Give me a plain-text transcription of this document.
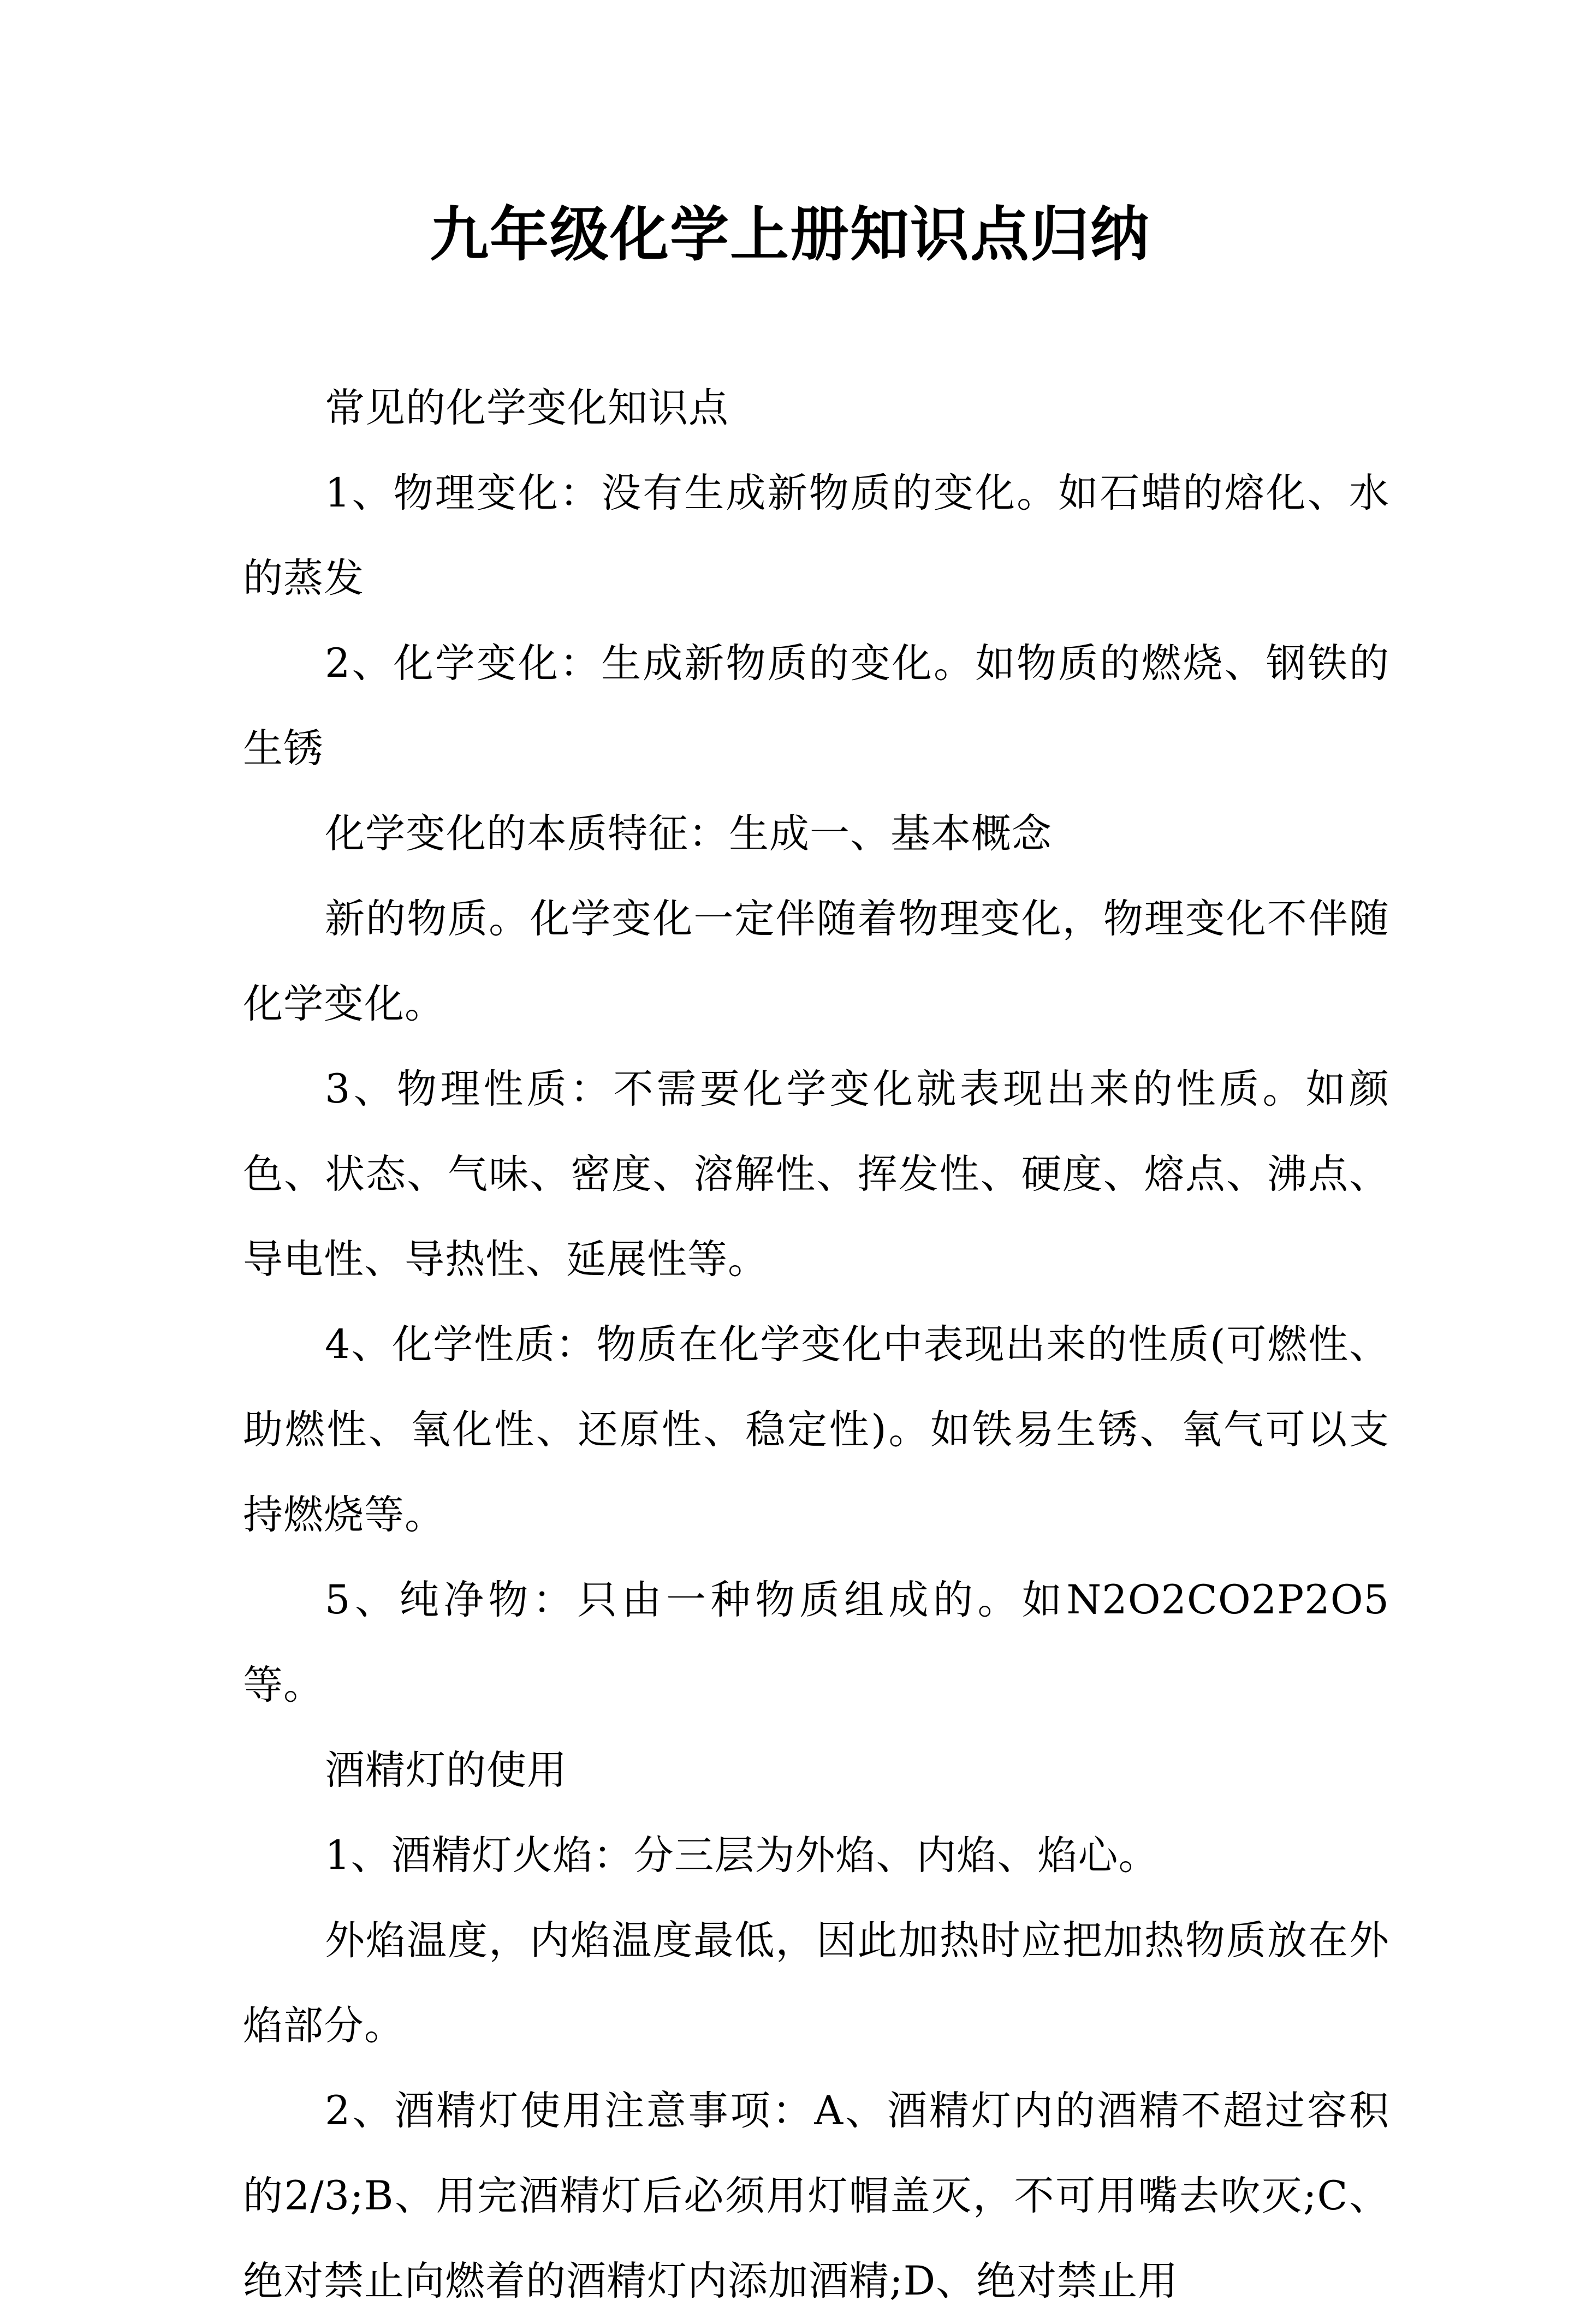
九年级化学上册知识点归纳

常见的化学变化知识点

1、物理变化：没有生成新物质的变化。如石蜡的熔化、水的蒸发

2、化学变化：生成新物质的变化。如物质的燃烧、钢铁的生锈

化学变化的本质特征：生成一、基本概念

新的物质。化学变化一定伴随着物理变化，物理变化不伴随化学变化。

3、物理性质：不需要化学变化就表现出来的性质。如颜色、状态、气味、密度、溶解性、挥发性、硬度、熔点、沸点、导电性、导热性、延展性等。

4、化学性质：物质在化学变化中表现出来的性质(可燃性、助燃性、氧化性、还原性、稳定性)。如铁易生锈、氧气可以支持燃烧等。

5、纯净物：只由一种物质组成的。如N2O2CO2P2O5等。

酒精灯的使用

1、酒精灯火焰：分三层为外焰、内焰、焰心。

外焰温度，内焰温度最低，因此加热时应把加热物质放在外焰部分。

2、酒精灯使用注意事项：A、酒精灯内的酒精不超过容积的2/3;B、用完酒精灯后必须用灯帽盖灭，不可用嘴去吹灭;C、绝对禁止向燃着的酒精灯内添加酒精;D、绝对禁止用
